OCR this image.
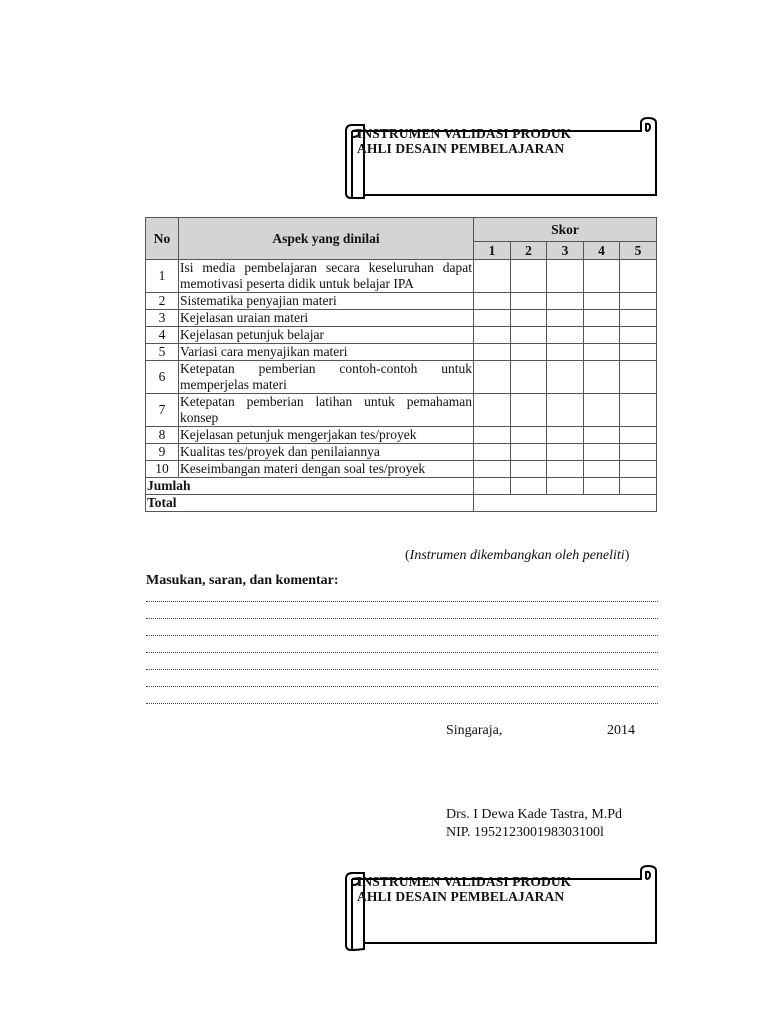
INSTRUMEN VALIDASI PRODUK
AHLI DESAIN PEMBELAJARAN
No	Aspek yang dinilai	Skor				
		1	2	3	4	5
1	Isi media pembelajaran secara keseluruhan dapat memotivasi peserta didik untuk belajar IPA					
2	Sistematika penyajian materi					
3	Kejelasan uraian materi					
4	Kejelasan petunjuk belajar					
5	Variasi cara menyajikan materi					
6	Ketepatan pemberian contoh-contoh untuk memperjelas materi					
7	Ketepatan pemberian latihan untuk pemahaman konsep					
8	Kejelasan petunjuk mengerjakan tes/proyek					
9	Kualitas tes/proyek dan penilaiannya					
10	Keseimbangan materi dengan soal tes/proyek					
Jumlah						
Total						
(Instrumen dikembangkan oleh peneliti)
Masukan, saran, dan komentar:
Singaraja,	2014
Drs. I Dewa Kade Tastra, M.Pd
NIP. 195212300198303100l
INSTRUMEN VALIDASI PRODUK
AHLI DESAIN PEMBELAJARAN
